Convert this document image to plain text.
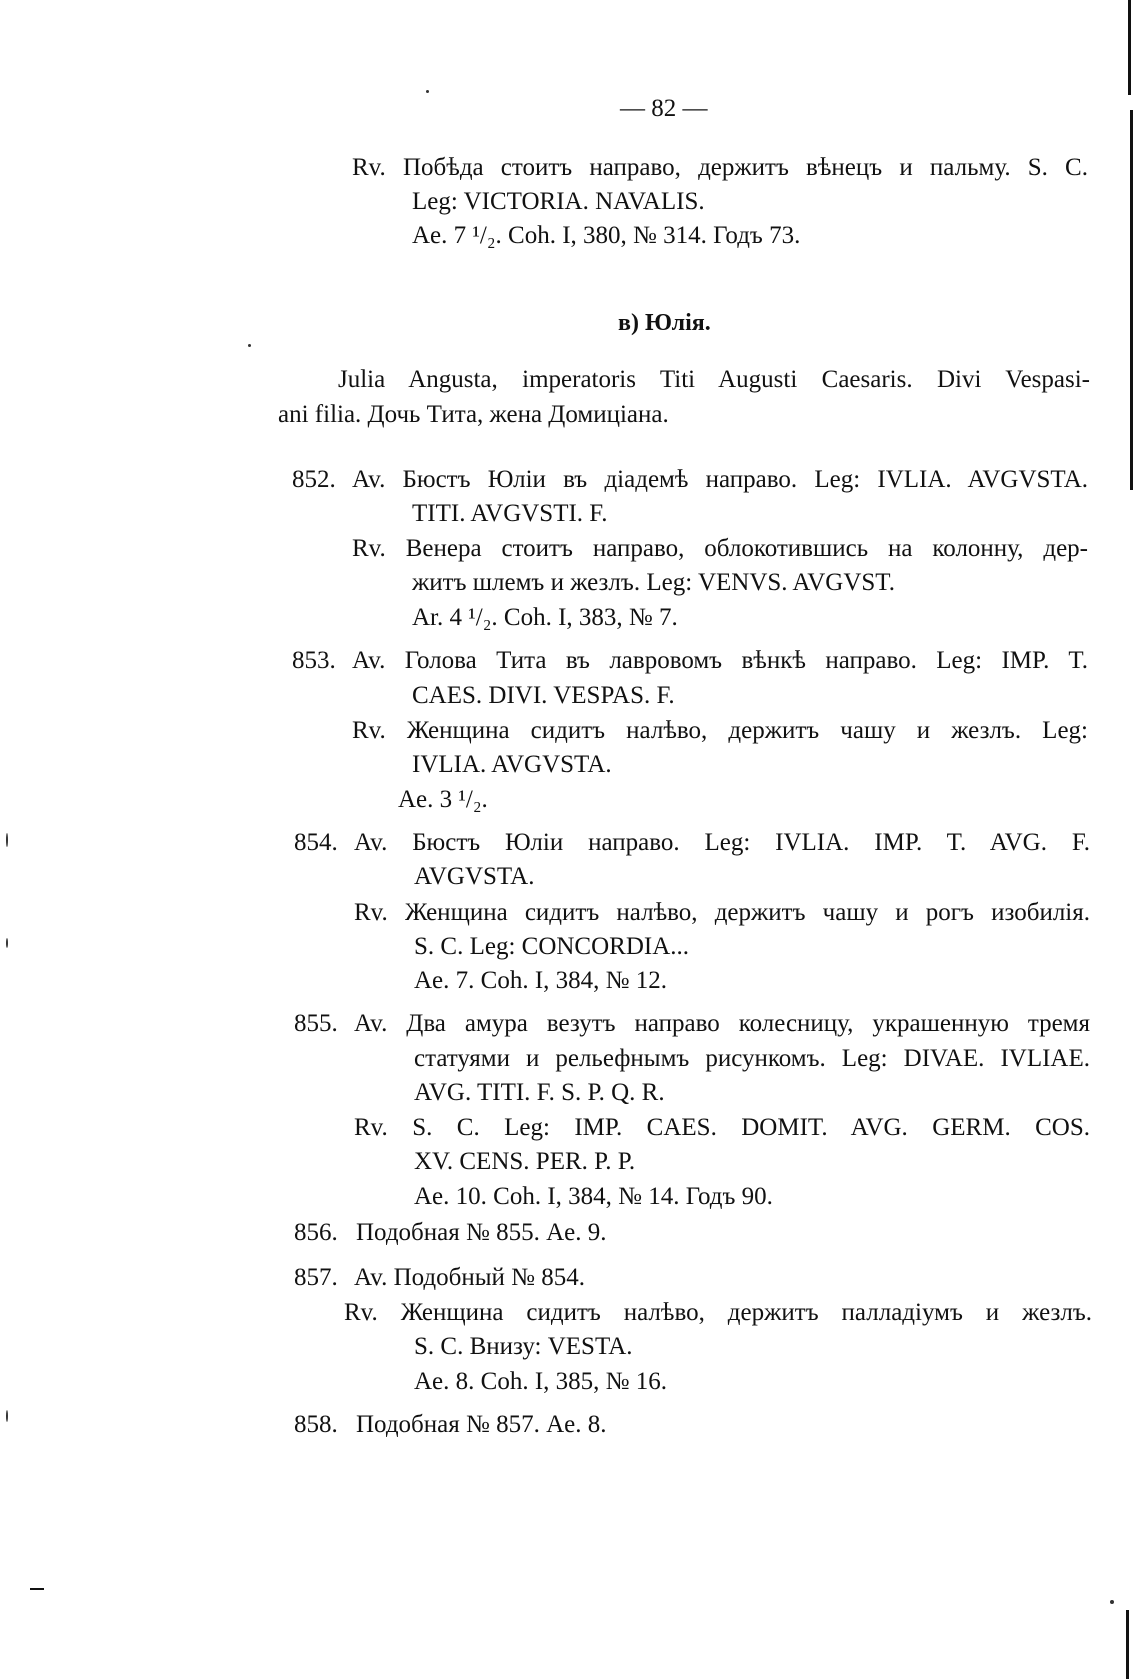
— 82 —
Rv. Побѣда стоитъ направо, держитъ вѣнецъ и пальму. S. C.
Leg: VICTORIA. NAVALIS.
Ae. 7 ¹/₂. Coh. I, 380, № 314. Годъ 73.
в) Юлія.
Julia Angusta, imperatoris Titi Augusti Caesaris. Divi Vespasi-
ani filia. Дочь Тита, жена Домиціана.
852. Av. Бюстъ Юліи въ діадемѣ направо. Leg: IVLIA. AVGVSTA.
TITI. AVGVSTI. F.
Rv. Венера стоитъ направо, облокотившись на колонну, дер-
житъ шлемъ и жезлъ. Leg: VENVS. AVGVST.
Ar. 4 ¹/₂. Coh. I, 383, № 7.
853. Av. Голова Тита въ лавровомъ вѣнкѣ направо. Leg: IMP. T.
CAES. DIVI. VESPAS. F.
Rv. Женщина сидитъ налѣво, держитъ чашу и жезлъ. Leg:
IVLIA. AVGVSTA.
Ae. 3 ¹/₂.
854. Av. Бюстъ Юліи направо. Leg: IVLIA. IMP. T. AVG. F.
AVGVSTA.
Rv. Женщина сидитъ налѣво, держитъ чашу и рогъ изобилія.
S. C. Leg: CONCORDIA...
Ae. 7. Coh. I, 384, № 12.
855. Av. Два амура везутъ направо колесницу, украшенную тремя
статуями и рельефнымъ рисункомъ. Leg: DIVAE. IVLIAE.
AVG. TITI. F. S. P. Q. R.
Rv. S. C. Leg: IMP. CAES. DOMIT. AVG. GERM. COS.
XV. CENS. PER. P. P.
Ae. 10. Coh. I, 384, № 14. Годъ 90.
856. Подобная № 855. Ae. 9.
857. Av. Подобный № 854.
Rv. Женщина сидитъ налѣво, держитъ палладіумъ и жезлъ.
S. C. Внизу: VESTA.
Ae. 8. Coh. I, 385, № 16.
858. Подобная № 857. Ae. 8.
